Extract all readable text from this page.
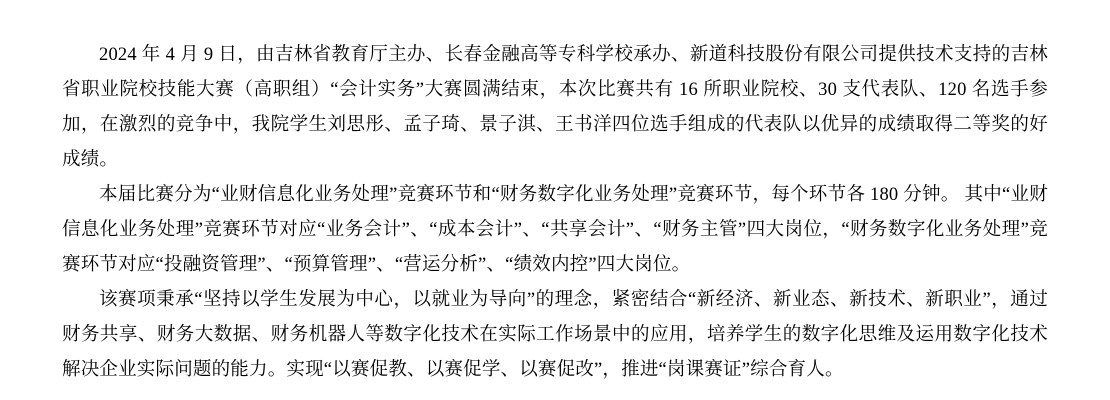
2024 年 4 月 9 日，由吉林省教育厅主办、长春金融高等专科学校承办、新道科技股份有限公司提供技术支持的吉林省职业院校技能大赛（高职组）“会计实务”大赛圆满结束，本次比赛共有 16 所职业院校、30 支代表队、120 名选手参加，在激烈的竞争中，我院学生刘思彤、孟子琦、景子淇、王书洋四位选手组成的代表队以优异的成绩取得二等奖的好成绩。

本届比赛分为“业财信息化业务处理”竞赛环节和“财务数字化业务处理”竞赛环节，每个环节各 180 分钟。 其中“业财信息化业务处理”竞赛环节对应“业务会计”、“成本会计”、“共享会计”、“财务主管”四大岗位，“财务数字化业务处理”竞赛环节对应“投融资管理”、“预算管理”、“营运分析”、“绩效内控”四大岗位。

该赛项秉承“坚持以学生发展为中心，以就业为导向”的理念，紧密结合“新经济、新业态、新技术、新职业”，通过财务共享、财务大数据、财务机器人等数字化技术在实际工作场景中的应用，培养学生的数字化思维及运用数字化技术解决企业实际问题的能力。实现“以赛促教、以赛促学、以赛促改”，推进“岗课赛证”综合育人。
